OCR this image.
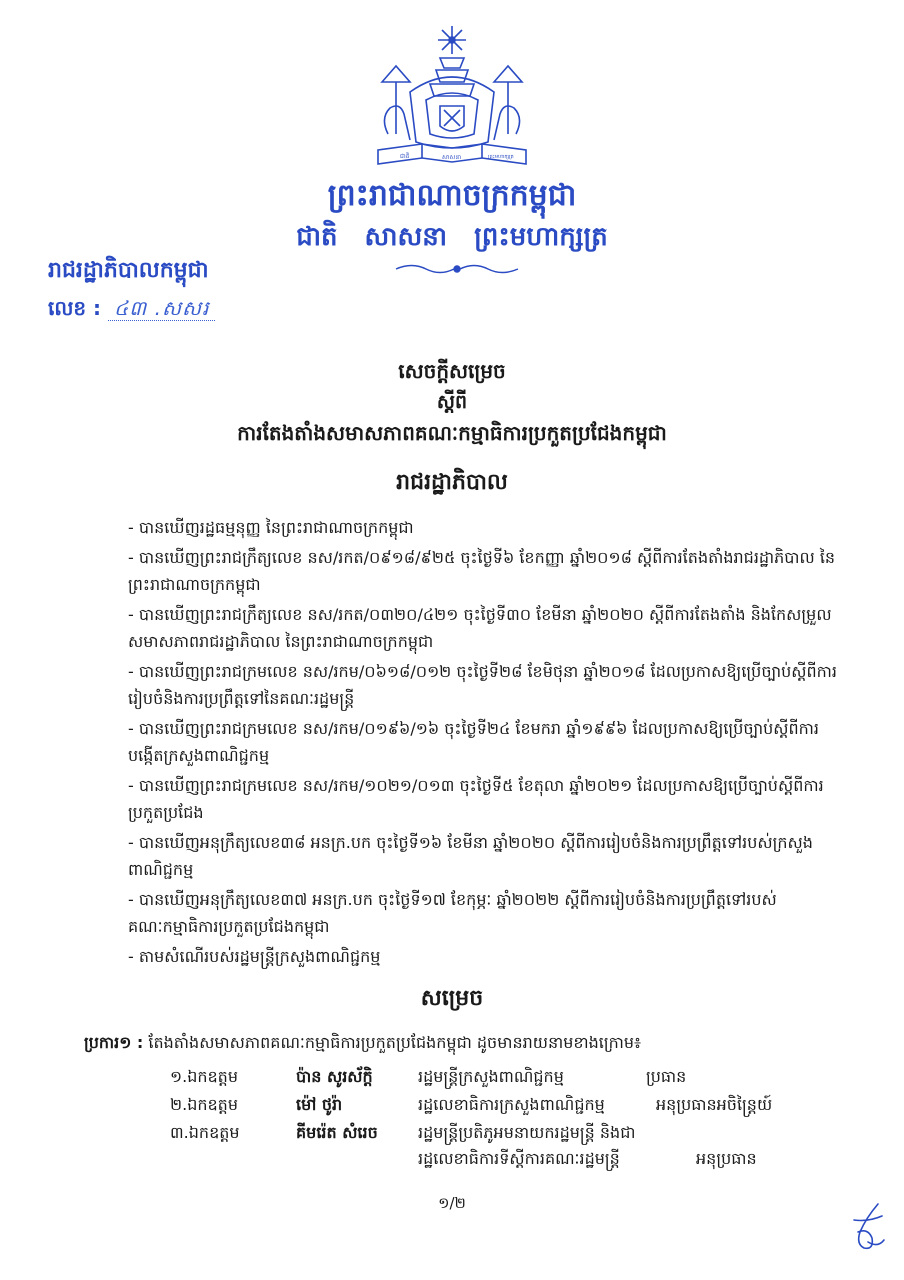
ជាតិ	សាសនា	ព្រះមហាក្សត្រ
ព្រះរាជាណាចក្រកម្ពុជា
ជាតិ សាសនា ព្រះមហាក្សត្រ
រាជរដ្ឋាភិបាលកម្ពុជា
លេខ : ៤៣ .សសរ
សេចក្តីសម្រេច
ស្តីពី
ការតែងតាំងសមាសភាពគណៈកម្មាធិការប្រកួតប្រជែងកម្ពុជា
រាជរដ្ឋាភិបាល
- បានឃើញរដ្ឋធម្មនុញ្ញ នៃព្រះរាជាណាចក្រកម្ពុជា
- បានឃើញព្រះរាជក្រឹត្យលេខ នស/រកត/០៩១៨/៩២៥ ចុះថ្ងៃទី៦ ខែកញ្ញា ឆ្នាំ២០១៨ ស្តីពីការតែងតាំងរាជរដ្ឋាភិបាល នៃព្រះរាជាណាចក្រកម្ពុជា
- បានឃើញព្រះរាជក្រឹត្យលេខ នស/រកត/០៣២០/៤២១ ចុះថ្ងៃទី៣០ ខែមីនា ឆ្នាំ២០២០ ស្តីពីការតែងតាំង និងកែសម្រួលសមាសភាពរាជរដ្ឋាភិបាល នៃព្រះរាជាណាចក្រកម្ពុជា
- បានឃើញព្រះរាជក្រមលេខ នស/រកម/០៦១៨/០១២ ចុះថ្ងៃទី២៨ ខែមិថុនា ឆ្នាំ២០១៨ ដែលប្រកាសឱ្យប្រើច្បាប់ស្តីពីការរៀបចំនិងការប្រព្រឹត្តទៅនៃគណៈរដ្ឋមន្ត្រី
- បានឃើញព្រះរាជក្រមលេខ នស/រកម/០១៩៦/១៦ ចុះថ្ងៃទី២៤ ខែមករា ឆ្នាំ១៩៩៦ ដែលប្រកាសឱ្យប្រើច្បាប់ស្តីពីការបង្កើតក្រសួងពាណិជ្ជកម្ម
- បានឃើញព្រះរាជក្រមលេខ នស/រកម/១០២១/០១៣ ចុះថ្ងៃទី៥ ខែតុលា ឆ្នាំ២០២១ ដែលប្រកាសឱ្យប្រើច្បាប់ស្តីពីការប្រកួតប្រជែង
- បានឃើញអនុក្រឹត្យលេខ៣៨ អនក្រ.បក ចុះថ្ងៃទី១៦ ខែមីនា ឆ្នាំ២០២០ ស្តីពីការរៀបចំនិងការប្រព្រឹត្តទៅរបស់ក្រសួងពាណិជ្ជកម្ម
- បានឃើញអនុក្រឹត្យលេខ៣៧ អនក្រ.បក ចុះថ្ងៃទី១៧ ខែកុម្ភៈ ឆ្នាំ២០២២ ស្តីពីការរៀបចំនិងការប្រព្រឹត្តទៅរបស់គណៈកម្មាធិការប្រកួតប្រជែងកម្ពុជា
- តាមសំណើរបស់រដ្ឋមន្ត្រីក្រសួងពាណិជ្ជកម្ម
សម្រេច
ប្រការ១ : តែងតាំងសមាសភាពគណៈកម្មាធិការប្រកួតប្រជែងកម្ពុជា ដូចមានរាយនាមខាងក្រោម៖
១.ឯកឧត្តម	ប៉ាន សូរស័ក្តិ	រដ្ឋមន្ត្រីក្រសួងពាណិជ្ជកម្ម	ប្រធាន
២.ឯកឧត្តម	ម៉ៅ ថូរ៉ា	រដ្ឋលេខាធិការក្រសួងពាណិជ្ជកម្ម	អនុប្រធានអចិន្ត្រៃយ៍
៣.ឯកឧត្តម	គីមរ៉េត សំរេច	រដ្ឋមន្ត្រីប្រតិភូអមនាយករដ្ឋមន្ត្រី និងជា
រដ្ឋលេខាធិការទីស្តីការគណៈរដ្ឋមន្ត្រី	អនុប្រធាន
១/២
